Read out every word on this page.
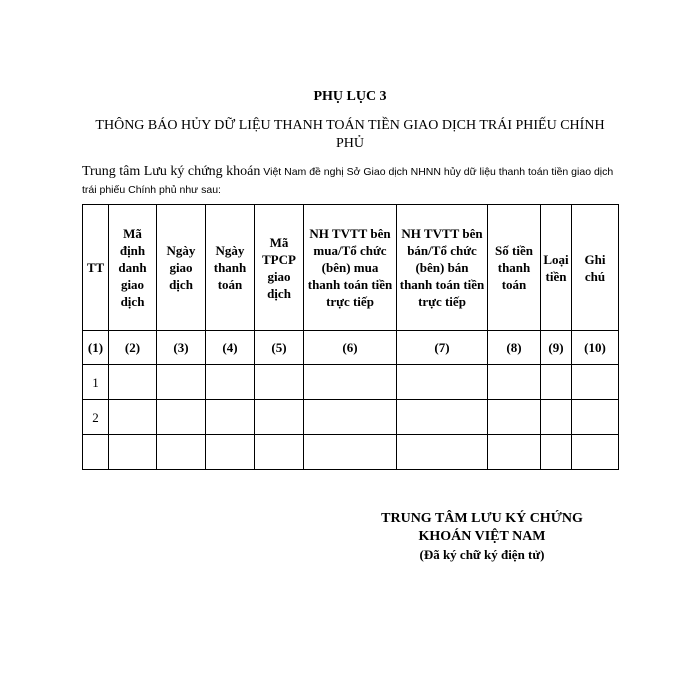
PHỤ LỤC 3
THÔNG BÁO HỦY DỮ LIỆU THANH TOÁN TIỀN GIAO DỊCH TRÁI PHIẾU CHÍNH PHỦ
Trung tâm Lưu ký chứng khoán Việt Nam đề nghị Sở Giao dịch NHNN hủy dữ liệu thanh toán tiền giao dịch trái phiếu Chính phủ như sau:
TT	Mã định danh giao dịch	Ngày giao dịch	Ngày thanh toán	Mã TPCP giao dịch	NH TVTT bên mua/Tổ chức (bên) mua thanh toán tiền trực tiếp	NH TVTT bên bán/Tổ chức (bên) bán thanh toán tiền trực tiếp	Số tiền thanh toán	Loại tiền	Ghi chú
(1)	(2)	(3)	(4)	(5)	(6)	(7)	(8)	(9)	(10)
1									
2									

TRUNG TÂM LƯU KÝ CHỨNG
KHOÁN VIỆT NAM
(Đã ký chữ ký điện tử)
